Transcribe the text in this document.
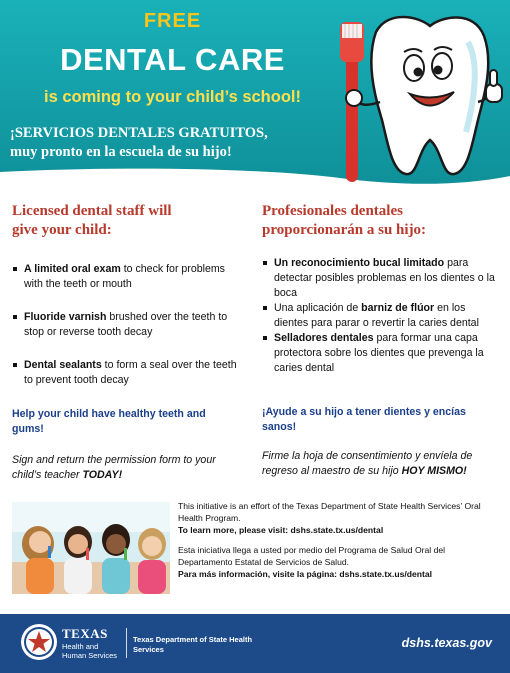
FREE
DENTAL CARE
is coming to your child’s school!
¡SERVICIOS DENTALES GRATUITOS,
muy pronto en la escuela de su hijo!
Licensed dental staff will
give your child:
A limited oral exam to check for problems with the teeth or mouth
Fluoride varnish brushed over the teeth to stop or reverse tooth decay
Dental sealants to form a seal over the teeth to prevent tooth decay
Help your child have healthy teeth and gums!
Sign and return the permission form to your child’s teacher TODAY!
Profesionales dentales
proporcionarán a su hijo:
Un reconocimiento bucal limitado para detectar posibles problemas en los dientes o la boca
Una aplicación de barniz de flúor en los dientes para parar o revertir la caries dental
Selladores dentales para formar una capa protectora sobre los dientes que prevenga la caries dental
¡Ayude a su hijo a tener dientes y encías sanos!
Firme la hoja de consentimiento y envíela de regreso al maestro de su hijo HOY MISMO!

This initiative is an effort of the Texas Department of State Health Services’ Oral Health Program.
To learn more, please visit: dshs.state.tx.us/dental

Esta iniciativa llega a usted por medio del Programa de Salud Oral del Departamento Estatal de Servicios de Salud.
Para más información, visite la página: dshs.state.tx.us/dental

TEXAS
Health and Human Services
Texas Department of State Health Services	dshs.texas.gov
